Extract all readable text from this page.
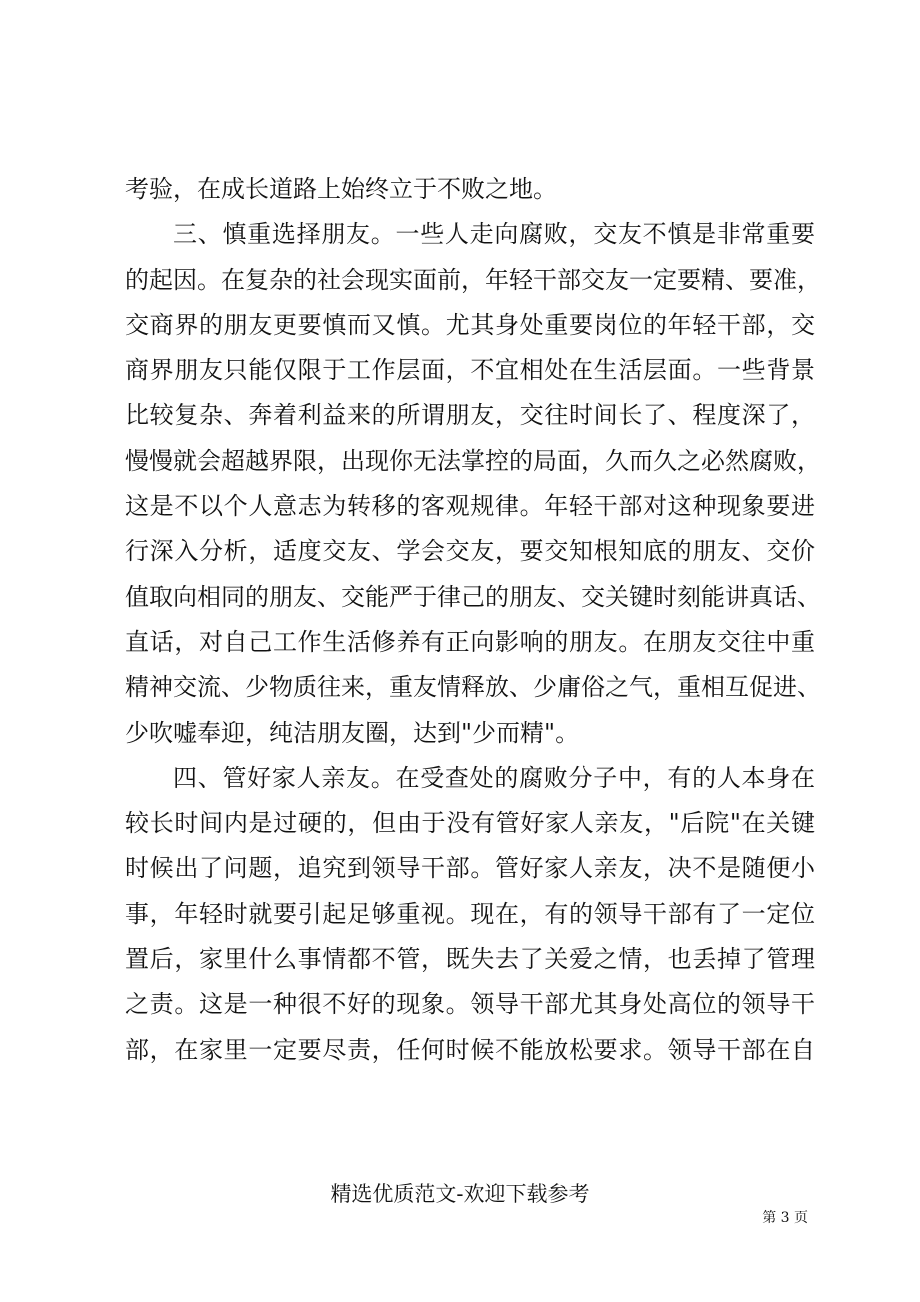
考验，在成长道路上始终立于不败之地。
三、慎重选择朋友。一些人走向腐败，交友不慎是非常重要
的起因。在复杂的社会现实面前，年轻干部交友一定要精、要准，
交商界的朋友更要慎而又慎。尤其身处重要岗位的年轻干部，交
商界朋友只能仅限于工作层面，不宜相处在生活层面。一些背景
比较复杂、奔着利益来的所谓朋友，交往时间长了、程度深了，
慢慢就会超越界限，出现你无法掌控的局面，久而久之必然腐败，
这是不以个人意志为转移的客观规律。年轻干部对这种现象要进
行深入分析，适度交友、学会交友，要交知根知底的朋友、交价
值取向相同的朋友、交能严于律己的朋友、交关键时刻能讲真话、
直话，对自己工作生活修养有正向影响的朋友。在朋友交往中重
精神交流、少物质往来，重友情释放、少庸俗之气，重相互促进、
少吹嘘奉迎，纯洁朋友圈，达到"少而精"。
四、管好家人亲友。在受查处的腐败分子中，有的人本身在
较长时间内是过硬的，但由于没有管好家人亲友，"后院"在关键
时候出了问题，追究到领导干部。管好家人亲友，决不是随便小
事，年轻时就要引起足够重视。现在，有的领导干部有了一定位
置后，家里什么事情都不管，既失去了关爱之情，也丢掉了管理
之责。这是一种很不好的现象。领导干部尤其身处高位的领导干
部，在家里一定要尽责，任何时候不能放松要求。领导干部在自
精选优质范文-欢迎下载参考
第 3 页
